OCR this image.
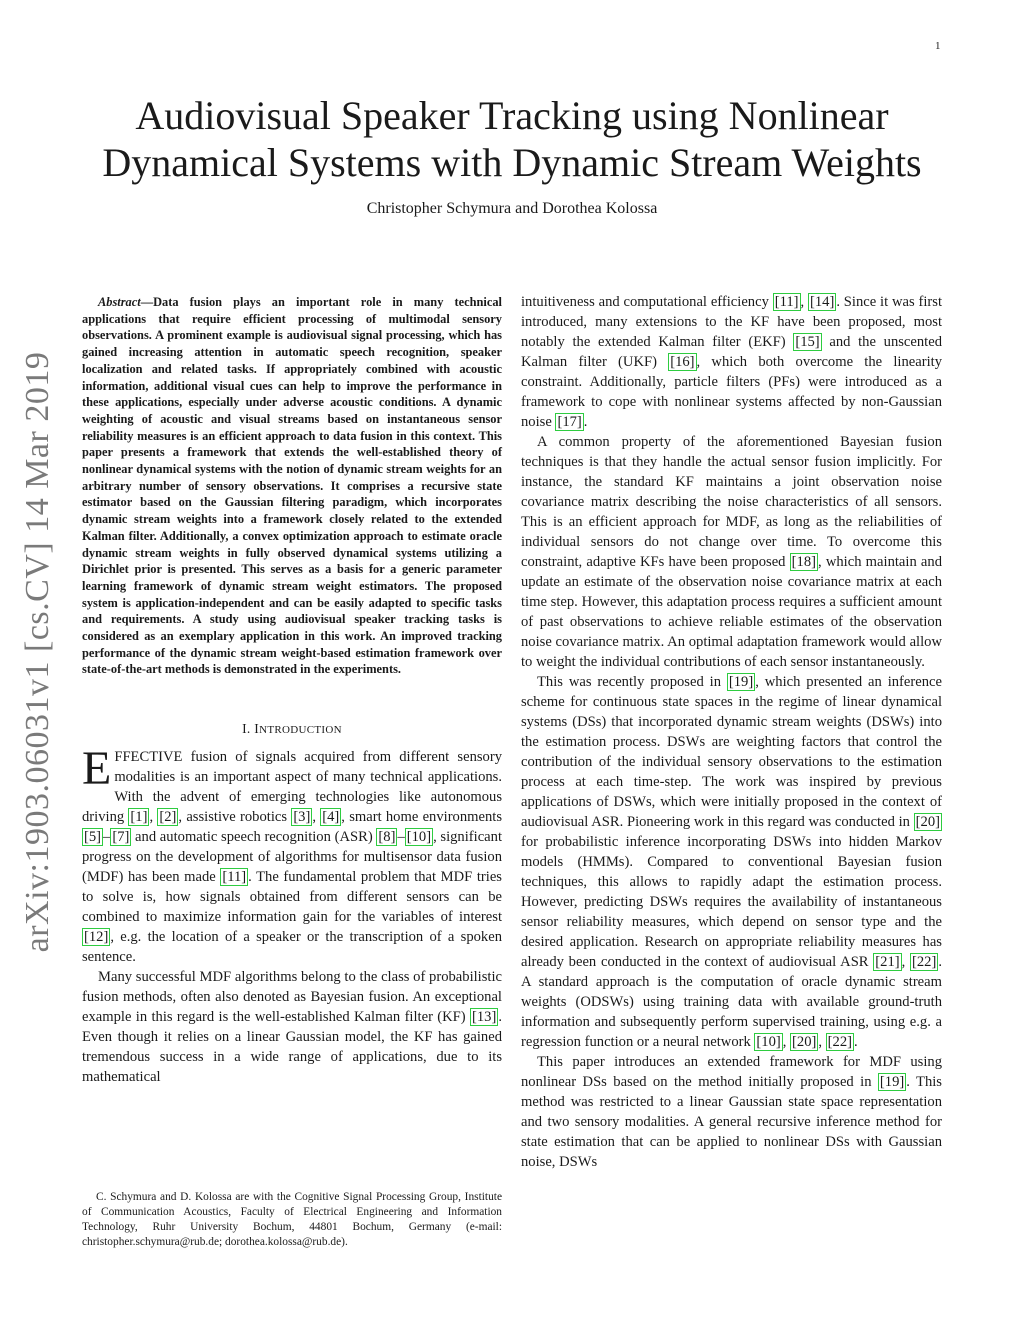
1
arXiv:1903.06031v1 [cs.CV] 14 Mar 2019
Audiovisual Speaker Tracking using Nonlinear Dynamical Systems with Dynamic Stream Weights
Christopher Schymura and Dorothea Kolossa

Abstract—Data fusion plays an important role in many technical applications that require efficient processing of multimodal sensory observations. A prominent example is audiovisual signal processing, which has gained increasing attention in automatic speech recognition, speaker localization and related tasks. If appropriately combined with acoustic information, additional visual cues can help to improve the performance in these applications, especially under adverse acoustic conditions. A dynamic weighting of acoustic and visual streams based on instantaneous sensor reliability measures is an efficient approach to data fusion in this context. This paper presents a framework that extends the well-established theory of nonlinear dynamical systems with the notion of dynamic stream weights for an arbitrary number of sensory observations. It comprises a recursive state estimator based on the Gaussian filtering paradigm, which incorporates dynamic stream weights into a framework closely related to the extended Kalman filter. Additionally, a convex optimization approach to estimate oracle dynamic stream weights in fully observed dynamical systems utilizing a Dirichlet prior is presented. This serves as a basis for a generic parameter learning framework of dynamic stream weight estimators. The proposed system is application-independent and can be easily adapted to specific tasks and requirements. A study using audiovisual speaker tracking tasks is considered as an exemplary application in this work. An improved tracking performance of the dynamic stream weight-based estimation framework over state-of-the-art methods is demonstrated in the experiments.

I. INTRODUCTION

EFFECTIVE fusion of signals acquired from different sensory modalities is an important aspect of many technical applications. With the advent of emerging technologies like autonomous driving [1] , [2] , assistive robotics [3] , [4] , smart home environments [5] – [7] and automatic speech recognition (ASR) [8] – [10] , significant progress on the development of algorithms for multisensor data fusion (MDF) has been made [11] . The fundamental problem that MDF tries to solve is, how signals obtained from different sensors can be combined to maximize information gain for the variables of interest [12] , e.g. the location of a speaker or the transcription of a spoken sentence.

Many successful MDF algorithms belong to the class of probabilistic fusion methods, often also denoted as Bayesian fusion. An exceptional example in this regard is the well-established Kalman filter (KF) [13] . Even though it relies on a linear Gaussian model, the KF has gained tremendous success in a wide range of applications, due to its mathematical

C. Schymura and D. Kolossa are with the Cognitive Signal Processing Group, Institute of Communication Acoustics, Faculty of Electrical Engineering and Information Technology, Ruhr University Bochum, 44801 Bochum, Germany (e-mail: christopher.schymura@rub.de; dorothea.kolossa@rub.de).

intuitiveness and computational efficiency [11] , [14] . Since it was first introduced, many extensions to the KF have been proposed, most notably the extended Kalman filter (EKF) [15] and the unscented Kalman filter (UKF) [16] , which both overcome the linearity constraint. Additionally, particle filters (PFs) were introduced as a framework to cope with nonlinear systems affected by non-Gaussian noise [17] .

A common property of the aforementioned Bayesian fusion techniques is that they handle the actual sensor fusion implicitly. For instance, the standard KF maintains a joint observation noise covariance matrix describing the noise characteristics of all sensors. This is an efficient approach for MDF, as long as the reliabilities of individual sensors do not change over time. To overcome this constraint, adaptive KFs have been proposed [18] , which maintain and update an estimate of the observation noise covariance matrix at each time step. However, this adaptation process requires a sufficient amount of past observations to achieve reliable estimates of the observation noise covariance matrix. An optimal adaptation framework would allow to weight the individual contributions of each sensor instantaneously.

This was recently proposed in [19] , which presented an inference scheme for continuous state spaces in the regime of linear dynamical systems (DSs) that incorporated dynamic stream weights (DSWs) into the estimation process. DSWs are weighting factors that control the contribution of the individual sensory observations to the estimation process at each time-step. The work was inspired by previous applications of DSWs, which were initially proposed in the context of audiovisual ASR. Pioneering work in this regard was conducted in [20] for probabilistic inference incorporating DSWs into hidden Markov models (HMMs). Compared to conventional Bayesian fusion techniques, this allows to rapidly adapt the estimation process. However, predicting DSWs requires the availability of instantaneous sensor reliability measures, which depend on sensor type and the desired application. Research on appropriate reliability measures has already been conducted in the context of audiovisual ASR [21] , [22] . A standard approach is the computation of oracle dynamic stream weights (ODSWs) using training data with available ground-truth information and subsequently perform supervised training, using e.g. a regression function or a neural network [10] , [20] , [22] .

This paper introduces an extended framework for MDF using nonlinear DSs based on the method initially proposed in [19] . This method was restricted to a linear Gaussian state space representation and two sensory modalities. A general recursive inference method for state estimation that can be applied to nonlinear DSs with Gaussian noise, DSWs
